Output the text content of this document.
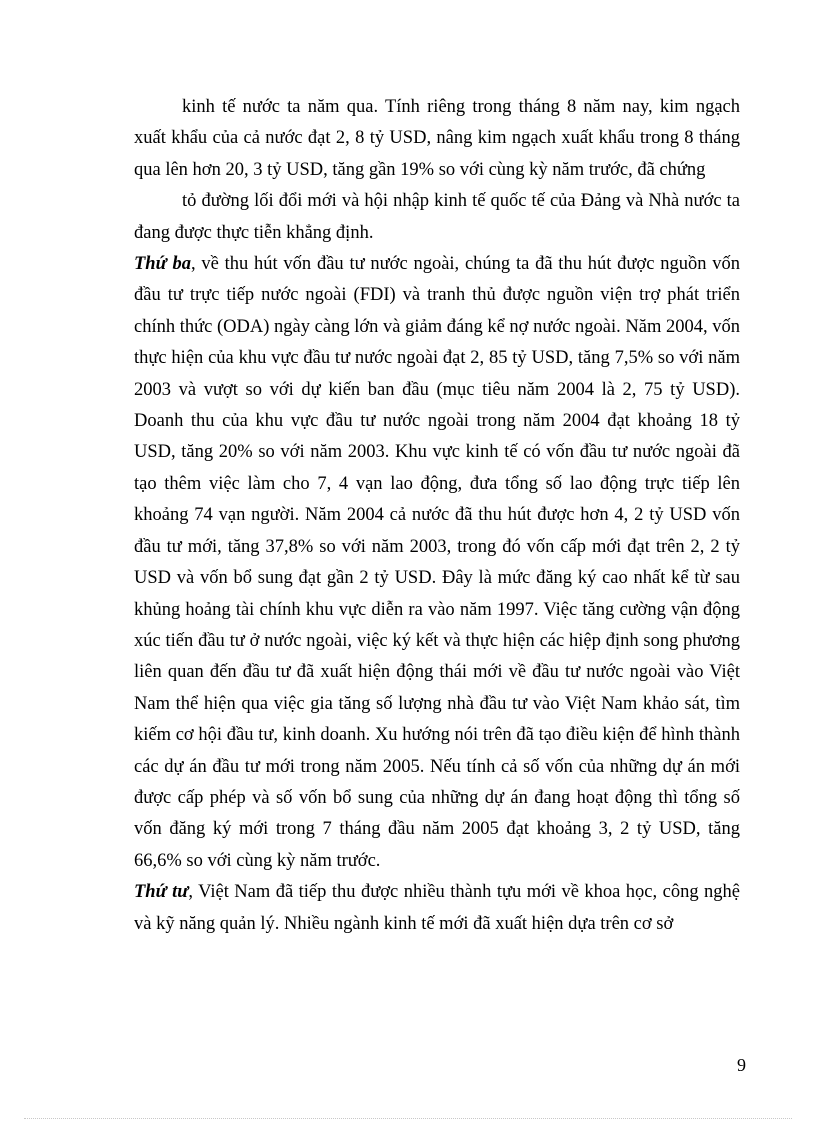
kinh tế nước ta năm qua. Tính riêng trong tháng 8 năm nay, kim ngạch xuất khẩu của cả nước đạt 2, 8 tỷ USD, nâng kim ngạch xuất khẩu trong 8 tháng qua lên hơn 20, 3 tỷ USD, tăng gần 19% so với cùng kỳ năm trước, đã chứng

tỏ đường lối đổi mới và hội nhập kinh tế quốc tế của Đảng và Nhà nước ta đang được thực tiễn khẳng định.

Thứ ba, về thu hút vốn đầu tư nước ngoài, chúng ta đã thu hút được nguồn vốn đầu tư trực tiếp nước ngoài (FDI) và tranh thủ được nguồn viện trợ phát triển chính thức (ODA) ngày càng lớn và giảm đáng kể nợ nước ngoài. Năm 2004, vốn thực hiện của khu vực đầu tư nước ngoài đạt 2, 85 tỷ USD, tăng 7,5% so với năm 2003 và vượt so với dự kiến ban đầu (mục tiêu năm 2004 là 2, 75 tỷ USD). Doanh thu của khu vực đầu tư nước ngoài trong năm 2004 đạt khoảng 18 tỷ USD, tăng 20% so với năm 2003. Khu vực kinh tế có vốn đầu tư nước ngoài đã tạo thêm việc làm cho 7, 4 vạn lao động, đưa tổng số lao động trực tiếp lên khoảng 74 vạn người. Năm 2004 cả nước đã thu hút được hơn 4, 2 tỷ USD vốn đầu tư mới, tăng 37,8% so với năm 2003, trong đó vốn cấp mới đạt trên 2, 2 tỷ USD và vốn bổ sung đạt gần 2 tỷ USD. Đây là mức đăng ký cao nhất kể từ sau khủng hoảng tài chính khu vực diễn ra vào năm 1997. Việc tăng cường vận động xúc tiến đầu tư ở nước ngoài, việc ký kết và thực hiện các hiệp định song phương liên quan đến đầu tư đã xuất hiện động thái mới về đầu tư nước ngoài vào Việt Nam thể hiện qua việc gia tăng số lượng nhà đầu tư vào Việt Nam khảo sát, tìm kiếm cơ hội đầu tư, kinh doanh. Xu hướng nói trên đã tạo điều kiện để hình thành các dự án đầu tư mới trong năm 2005. Nếu tính cả số vốn của những dự án mới được cấp phép và số vốn bổ sung của những dự án đang hoạt động thì tổng số vốn đăng ký mới trong 7 tháng đầu năm 2005 đạt khoảng 3, 2 tỷ USD, tăng 66,6% so với cùng kỳ năm trước.

Thứ tư, Việt Nam đã tiếp thu được nhiều thành tựu mới về khoa học, công nghệ và kỹ năng quản lý. Nhiều ngành kinh tế mới đã xuất hiện dựa trên cơ sở

9
